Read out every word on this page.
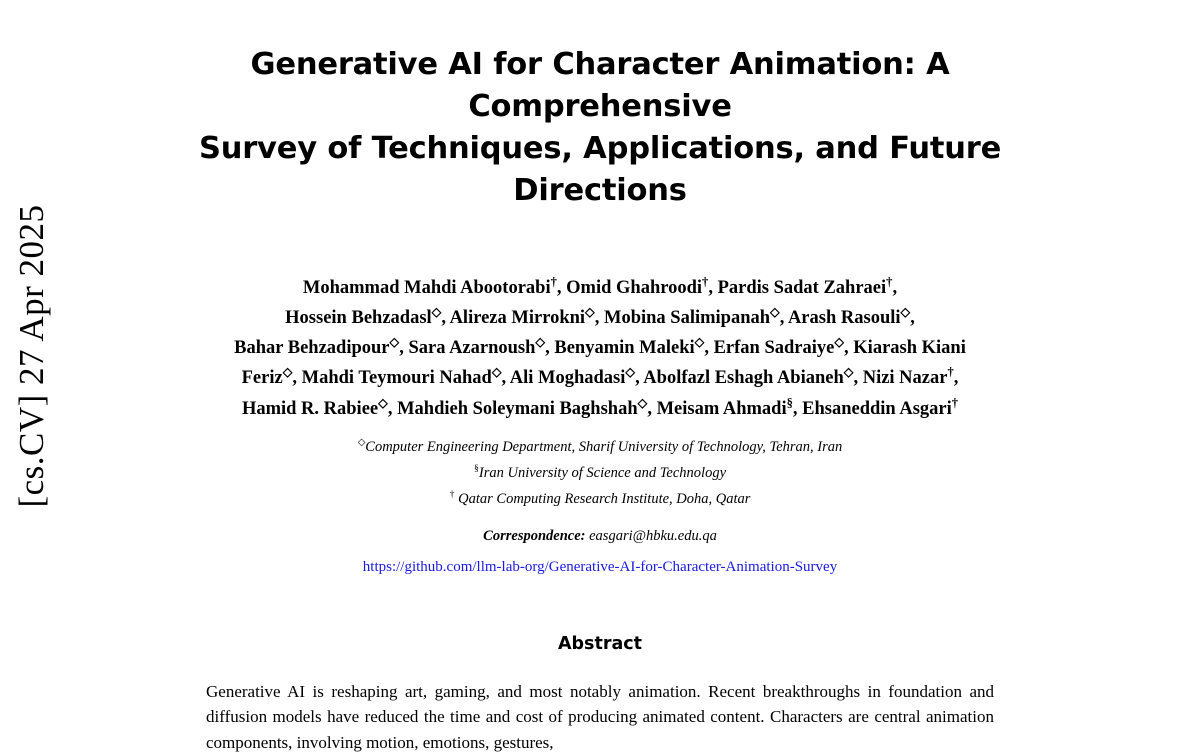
[cs.CV] 27 Apr 2025
Generative AI for Character Animation: A Comprehensive
Survey of Techniques, Applications, and Future Directions
Mohammad Mahdi Abootorabi†, Omid Ghahroodi†, Pardis Sadat Zahraei†,
Hossein Behzadasl◇, Alireza Mirrokni◇, Mobina Salimipanah◇, Arash Rasouli◇,
Bahar Behzadipour◇, Sara Azarnoush◇, Benyamin Maleki◇, Erfan Sadraiye◇, Kiarash Kiani
Feriz◇, Mahdi Teymouri Nahad◇, Ali Moghadasi◇, Abolfazl Eshagh Abianeh◇, Nizi Nazar†,
Hamid R. Rabiee◇, Mahdieh Soleymani Baghshah◇, Meisam Ahmadi§, Ehsaneddin Asgari†
◇Computer Engineering Department, Sharif University of Technology, Tehran, Iran
§Iran University of Science and Technology
† Qatar Computing Research Institute, Doha, Qatar
Correspondence: easgari@hbku.edu.qa
https://github.com/llm-lab-org/Generative-AI-for-Character-Animation-Survey
Abstract
Generative AI is reshaping art, gaming, and most notably animation. Recent breakthroughs in foundation and diffusion models have reduced the time and cost of producing animated content. Characters are central animation components, involving motion, emotions, gestures,
